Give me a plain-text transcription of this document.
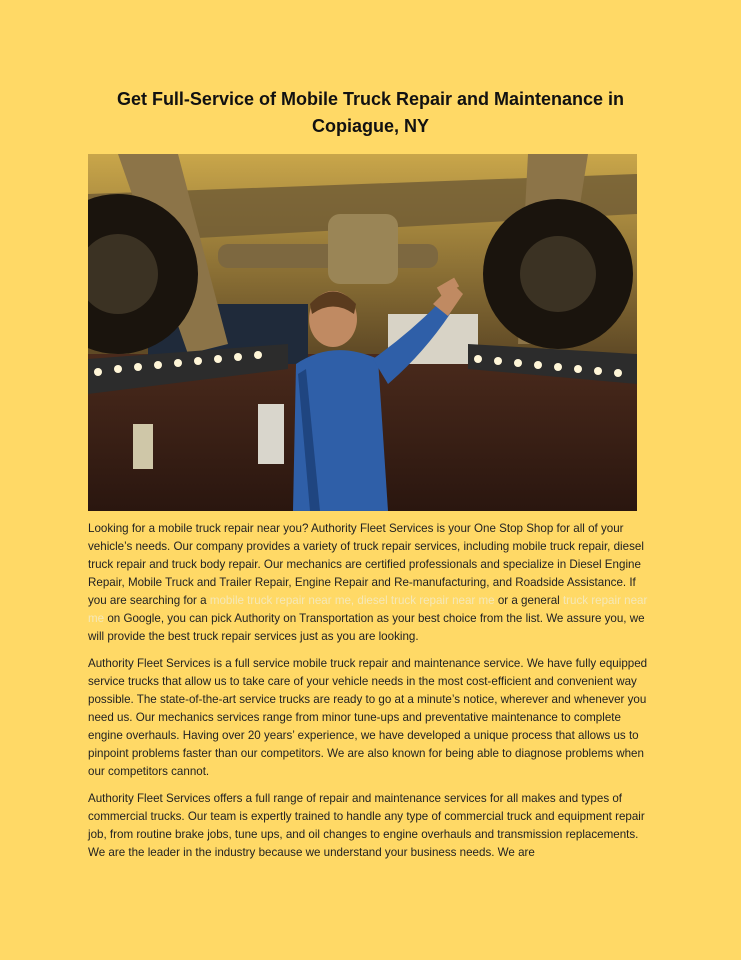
Get Full-Service of Mobile Truck Repair and Maintenance in Copiague, NY

Looking for a mobile truck repair near you? Authority Fleet Services is your One Stop Shop for all of your vehicle’s needs. Our company provides a variety of truck repair services, including mobile truck repair, diesel truck repair and truck body repair. Our mechanics are certified professionals and specialize in Diesel Engine Repair, Mobile Truck and Trailer Repair, Engine Repair and Re-manufacturing, and Roadside Assistance. If you are searching for a mobile truck repair near me, diesel truck repair near me or a general truck repair near me on Google, you can pick Authority on Transportation as your best choice from the list. We assure you, we will provide the best truck repair services just as you are looking.

Authority Fleet Services is a full service mobile truck repair and maintenance service. We have fully equipped service trucks that allow us to take care of your vehicle needs in the most cost-efficient and convenient way possible. The state-of-the-art service trucks are ready to go at a minute’s notice, wherever and whenever you need us. Our mechanics services range from minor tune-ups and preventative maintenance to complete engine overhauls. Having over 20 years’ experience, we have developed a unique process that allows us to pinpoint problems faster than our competitors. We are also known for being able to diagnose problems when our competitors cannot.

Authority Fleet Services offers a full range of repair and maintenance services for all makes and types of commercial trucks. Our team is expertly trained to handle any type of commercial truck and equipment repair job, from routine brake jobs, tune ups, and oil changes to engine overhauls and transmission replacements. We are the leader in the industry because we understand your business needs. We are
